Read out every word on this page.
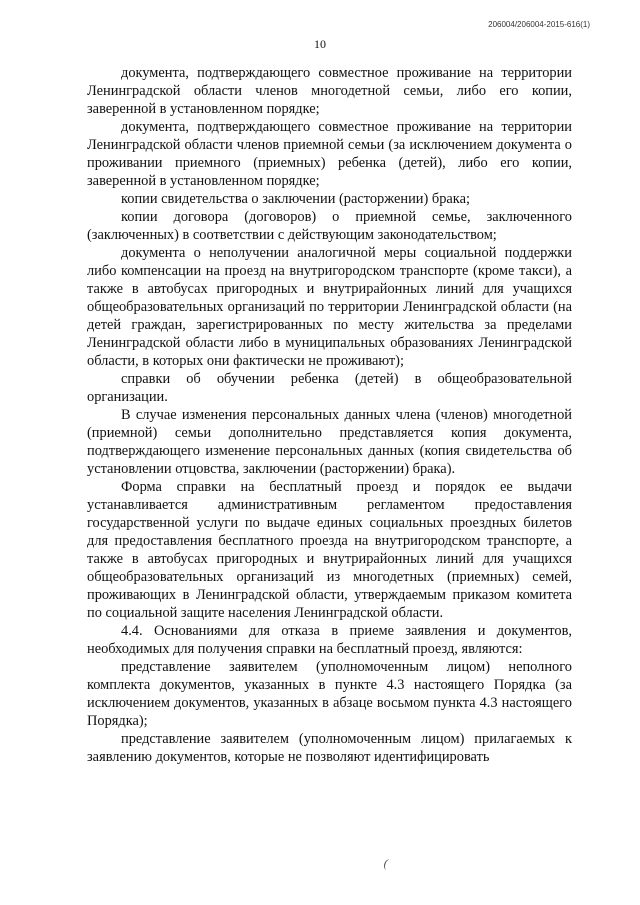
206004/206004-2015-616(1)
10

документа, подтверждающего совместное проживание на территории Ленинградской области членов многодетной семьи, либо его копии, заверенной в установленном порядке;

документа, подтверждающего совместное проживание на территории Ленинградской области членов приемной семьи (за исключением документа о проживании приемного (приемных) ребенка (детей), либо его копии, заверенной в установленном порядке;

копии свидетельства о заключении (расторжении) брака;

копии договора (договоров) о приемной семье, заключенного (заключенных) в соответствии с действующим законодательством;

документа о неполучении аналогичной меры социальной поддержки либо компенсации на проезд на внутригородском транспорте (кроме такси), а также в автобусах пригородных и внутрирайонных линий для учащихся общеобразовательных организаций по территории Ленинградской области (на детей граждан, зарегистрированных по месту жительства за пределами Ленинградской области либо в муниципальных образованиях Ленинградской области, в которых они фактически не проживают);

справки об обучении ребенка (детей) в общеобразовательной организации.

В случае изменения персональных данных члена (членов) многодетной (приемной) семьи дополнительно представляется копия документа, подтверждающего изменение персональных данных (копия свидетельства об установлении отцовства, заключении (расторжении) брака).

Форма справки на бесплатный проезд и порядок ее выдачи устанавливается административным регламентом предоставления государственной услуги по выдаче единых социальных проездных билетов для предоставления бесплатного проезда на внутригородском транспорте, а также в автобусах пригородных и внутрирайонных линий для учащихся общеобразовательных организаций из многодетных (приемных) семей, проживающих в Ленинградской области, утверждаемым приказом комитета по социальной защите населения Ленинградской области.

4.4. Основаниями для отказа в приеме заявления и документов, необходимых для получения справки на бесплатный проезд, являются:

представление заявителем (уполномоченным лицом) неполного комплекта документов, указанных в пункте 4.3 настоящего Порядка (за исключением документов, указанных в абзаце восьмом пункта 4.3 настоящего Порядка);

представление заявителем (уполномоченным лицом) прилагаемых к заявлению документов, которые не позволяют идентифицировать

(
